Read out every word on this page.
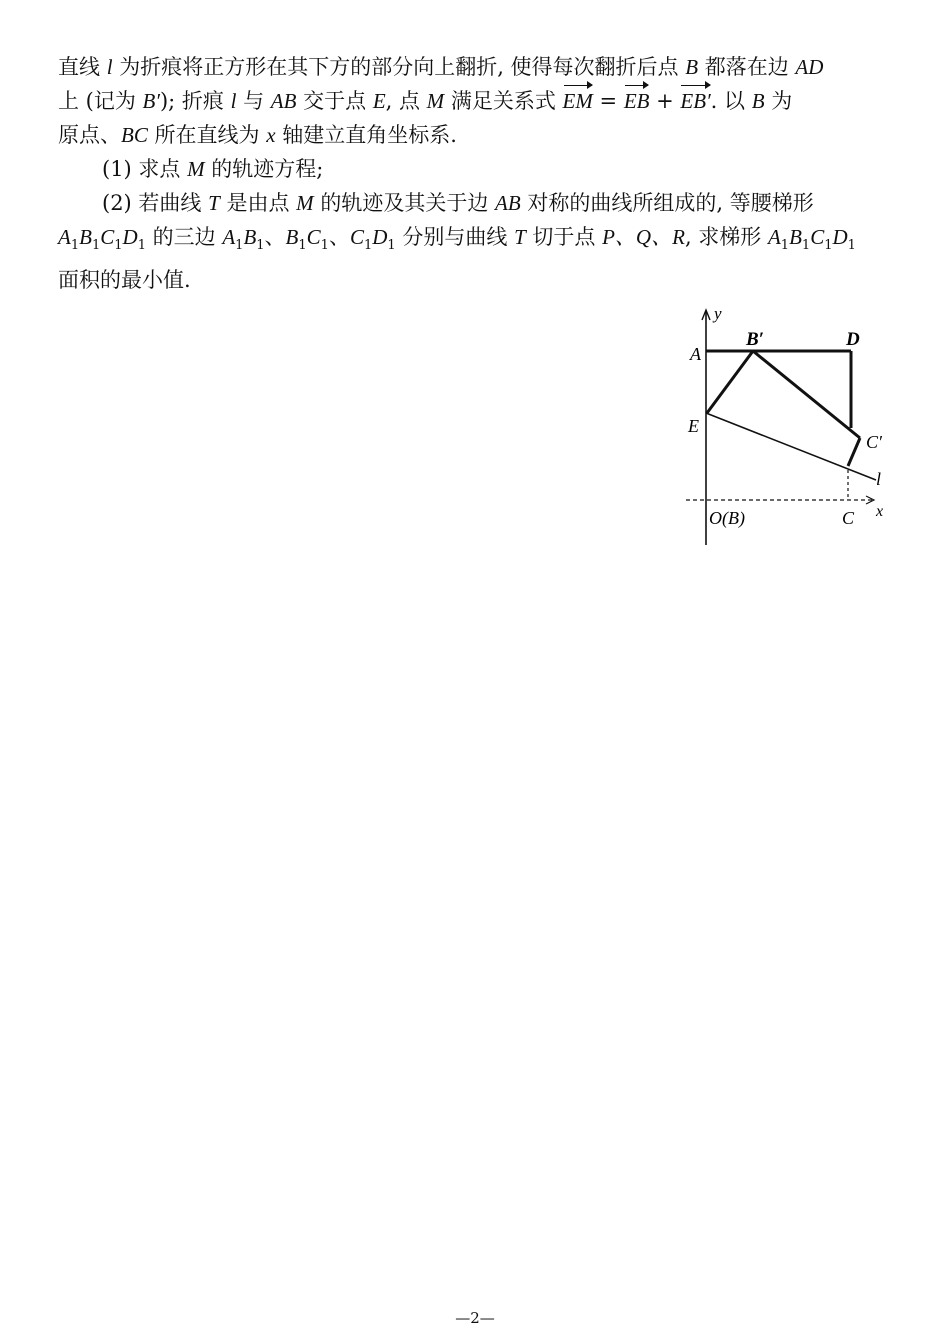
直线 l 为折痕将正方形在其下方的部分向上翻折, 使得每次翻折后点 B 都落在边 AD
上 (记为 B′); 折痕 l 与 AB 交于点 E, 点 M 满足关系式 EM = EB + EB′. 以 B 为
原点、BC 所在直线为 x 轴建立直角坐标系.

(1) 求点 M 的轨迹方程;

(2) 若曲线 T 是由点 M 的轨迹及其关于边 AB 对称的曲线所组成的, 等腰梯形
$A_1B_1C_1D_1$ 的三边 $A_1B_1$、$B_1C_1$、$C_1D_1$ 分别与曲线 T 切于点 P、Q、R, 求梯形 $A_1B_1C_1D_1$
面积的最小值.

y
A
B′	D
E
C′
l
O(B)	C x
—2—
